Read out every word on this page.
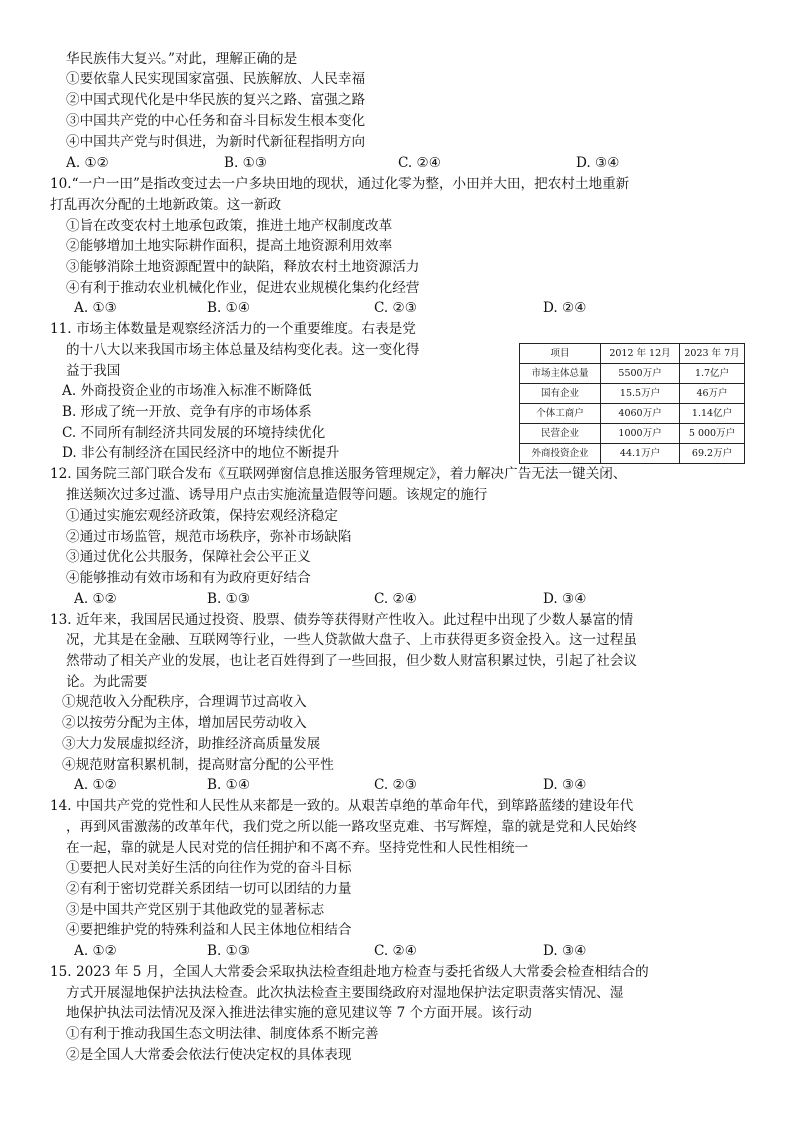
华民族伟大复兴。”对此，理解正确的是
①要依靠人民实现国家富强、民族解放、人民幸福
②中国式现代化是中华民族的复兴之路、富强之路
③中国共产党的中心任务和奋斗目标发生根本变化
④中国共产党与时俱进，为新时代新征程指明方向
A. ①②	B. ①③	C. ②④	D. ③④
10.“一户一田”是指改变过去一户多块田地的现状，通过化零为整，小田并大田，把农村土地重新
打乱再次分配的土地新政策。这一新政
①旨在改变农村土地承包政策，推进土地产权制度改革
②能够增加土地实际耕作面积，提高土地资源利用效率
③能够消除土地资源配置中的缺陷，释放农村土地资源活力
④有利于推动农业机械化作业，促进农业规模化集约化经营
A. ①③	B. ①④	C. ②③	D. ②④
11. 市场主体数量是观察经济活力的一个重要维度。右表是党
的十八大以来我国市场主体总量及结构变化表。这一变化得
益于我国
A. 外商投资企业的市场准入标准不断降低
B. 形成了统一开放、竞争有序的市场体系
C. 不同所有制经济共同发展的环境持续优化
D. 非公有制经济在国民经济中的地位不断提升
项目	2012 年 12月	2023 年 7月
市场主体总量	5500万户	1.7亿户
国有企业	15.5万户	46万户
个体工商户	4060万户	1.14亿户
民营企业	1000万户	5 000万户
外商投资企业	44.1万户	69.2万户
12. 国务院三部门联合发布《互联网弹窗信息推送服务管理规定》，着力解决广告无法一键关闭、
推送频次过多过滥、诱导用户点击实施流量造假等问题。该规定的施行
①通过实施宏观经济政策，保持宏观经济稳定
②通过市场监管，规范市场秩序，弥补市场缺陷
③通过优化公共服务，保障社会公平正义
④能够推动有效市场和有为政府更好结合
A. ①②	B. ①③	C. ②④	D. ③④
13. 近年来，我国居民通过投资、股票、债券等获得财产性收入。此过程中出现了少数人暴富的情
况，尤其是在金融、互联网等行业，一些人贷款做大盘子、上市获得更多资金投入。这一过程虽
然带动了相关产业的发展，也让老百姓得到了一些回报，但少数人财富积累过快，引起了社会议
论。为此需要
①规范收入分配秩序，合理调节过高收入
②以按劳分配为主体，增加居民劳动收入
③大力发展虚拟经济，助推经济高质量发展
④规范财富积累机制，提高财富分配的公平性
A. ①②	B. ①④	C. ②③	D. ③④
14. 中国共产党的党性和人民性从来都是一致的。从艰苦卓绝的革命年代，到筚路蓝缕的建设年代
，再到风雷激荡的改革年代，我们党之所以能一路攻坚克难、书写辉煌，靠的就是党和人民始终
在一起，靠的就是人民对党的信任拥护和不离不弃。坚持党性和人民性相统一
①要把人民对美好生活的向往作为党的奋斗目标
②有利于密切党群关系团结一切可以团结的力量
③是中国共产党区别于其他政党的显著标志
④要把维护党的特殊利益和人民主体地位相结合
A. ①②	B. ①③	C. ②④	D. ③④
15. 2023 年 5 月，全国人大常委会采取执法检查组赴地方检查与委托省级人大常委会检查相结合的
方式开展湿地保护法执法检查。此次执法检查主要围绕政府对湿地保护法定职责落实情况、湿
地保护执法司法情况及深入推进法律实施的意见建议等 7 个方面开展。该行动
①有利于推动我国生态文明法律、制度体系不断完善
②是全国人大常委会依法行使决定权的具体表现
